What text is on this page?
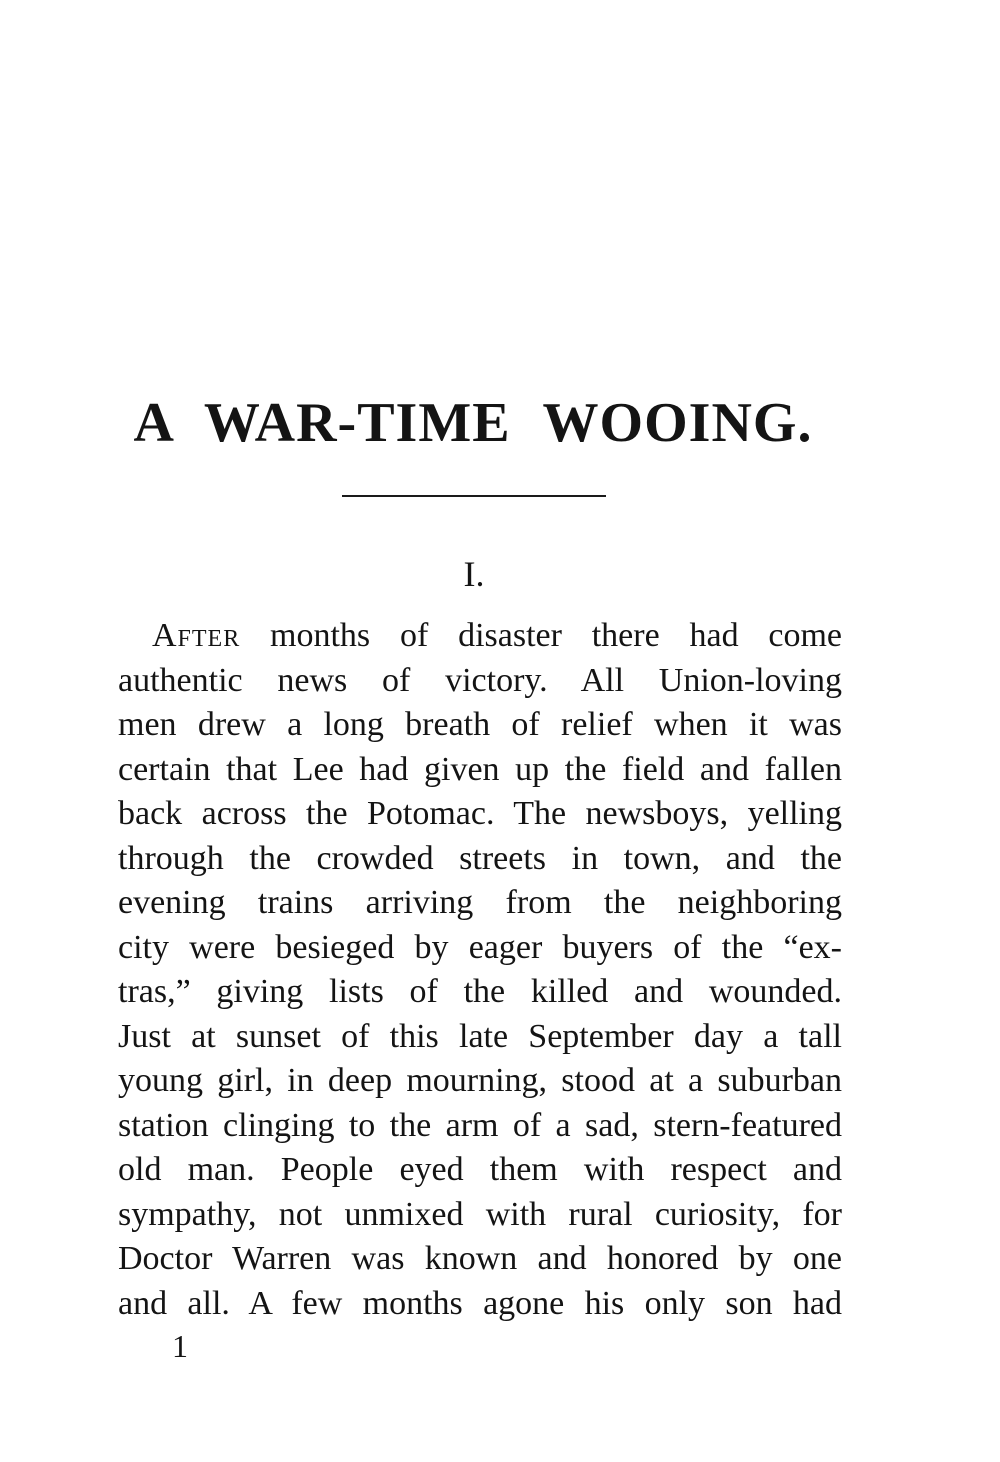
A WAR-TIME WOOING.
I.
After months of disaster there had come
authentic news of victory. All Union-loving
men drew a long breath of relief when it was
certain that Lee had given up the field and fallen
back across the Potomac. The newsboys, yelling
through the crowded streets in town, and the
evening trains arriving from the neighboring
city were besieged by eager buyers of the “ex-
tras,” giving lists of the killed and wounded.
Just at sunset of this late September day a tall
young girl, in deep mourning, stood at a suburban
station clinging to the arm of a sad, stern-featured
old man. People eyed them with respect and
sympathy, not unmixed with rural curiosity, for
Doctor Warren was known and honored by one
and all. A few months agone his only son had
1
